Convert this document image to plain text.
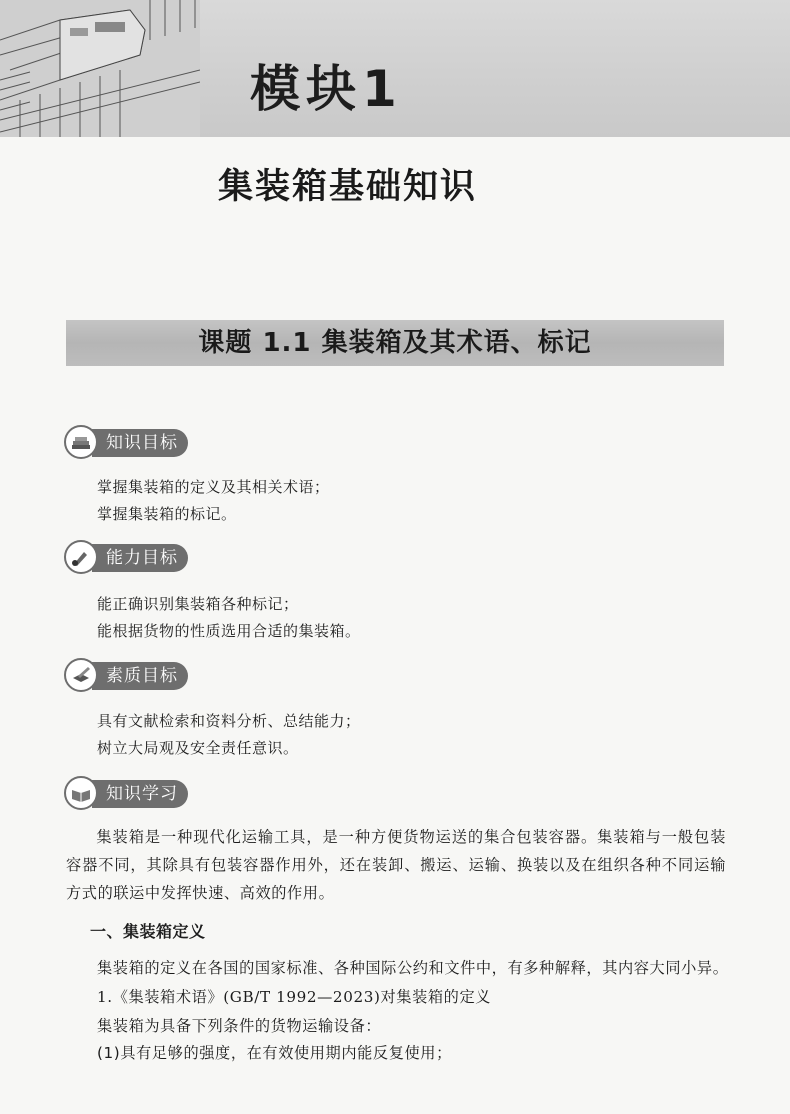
模块1
集装箱基础知识
课题 1.1 集装箱及其术语、标记
知识目标
掌握集装箱的定义及其相关术语；
掌握集装箱的标记。
能力目标
能正确识别集装箱各种标记；
能根据货物的性质选用合适的集装箱。
素质目标
具有文献检索和资料分析、总结能力；
树立大局观及安全责任意识。
知识学习

集装箱是一种现代化运输工具，是一种方便货物运送的集合包装容器。集装箱与一般包装容器不同，其除具有包装容器作用外，还在装卸、搬运、运输、换装以及在组织各种不同运输方式的联运中发挥快速、高效的作用。

一、集装箱定义

集装箱的定义在各国的国家标准、各种国际公约和文件中，有多种解释，其内容大同小异。

1.《集装箱术语》(GB/T 1992—2023)对集装箱的定义

集装箱为具备下列条件的货物运输设备：

(1)具有足够的强度，在有效使用期内能反复使用；
